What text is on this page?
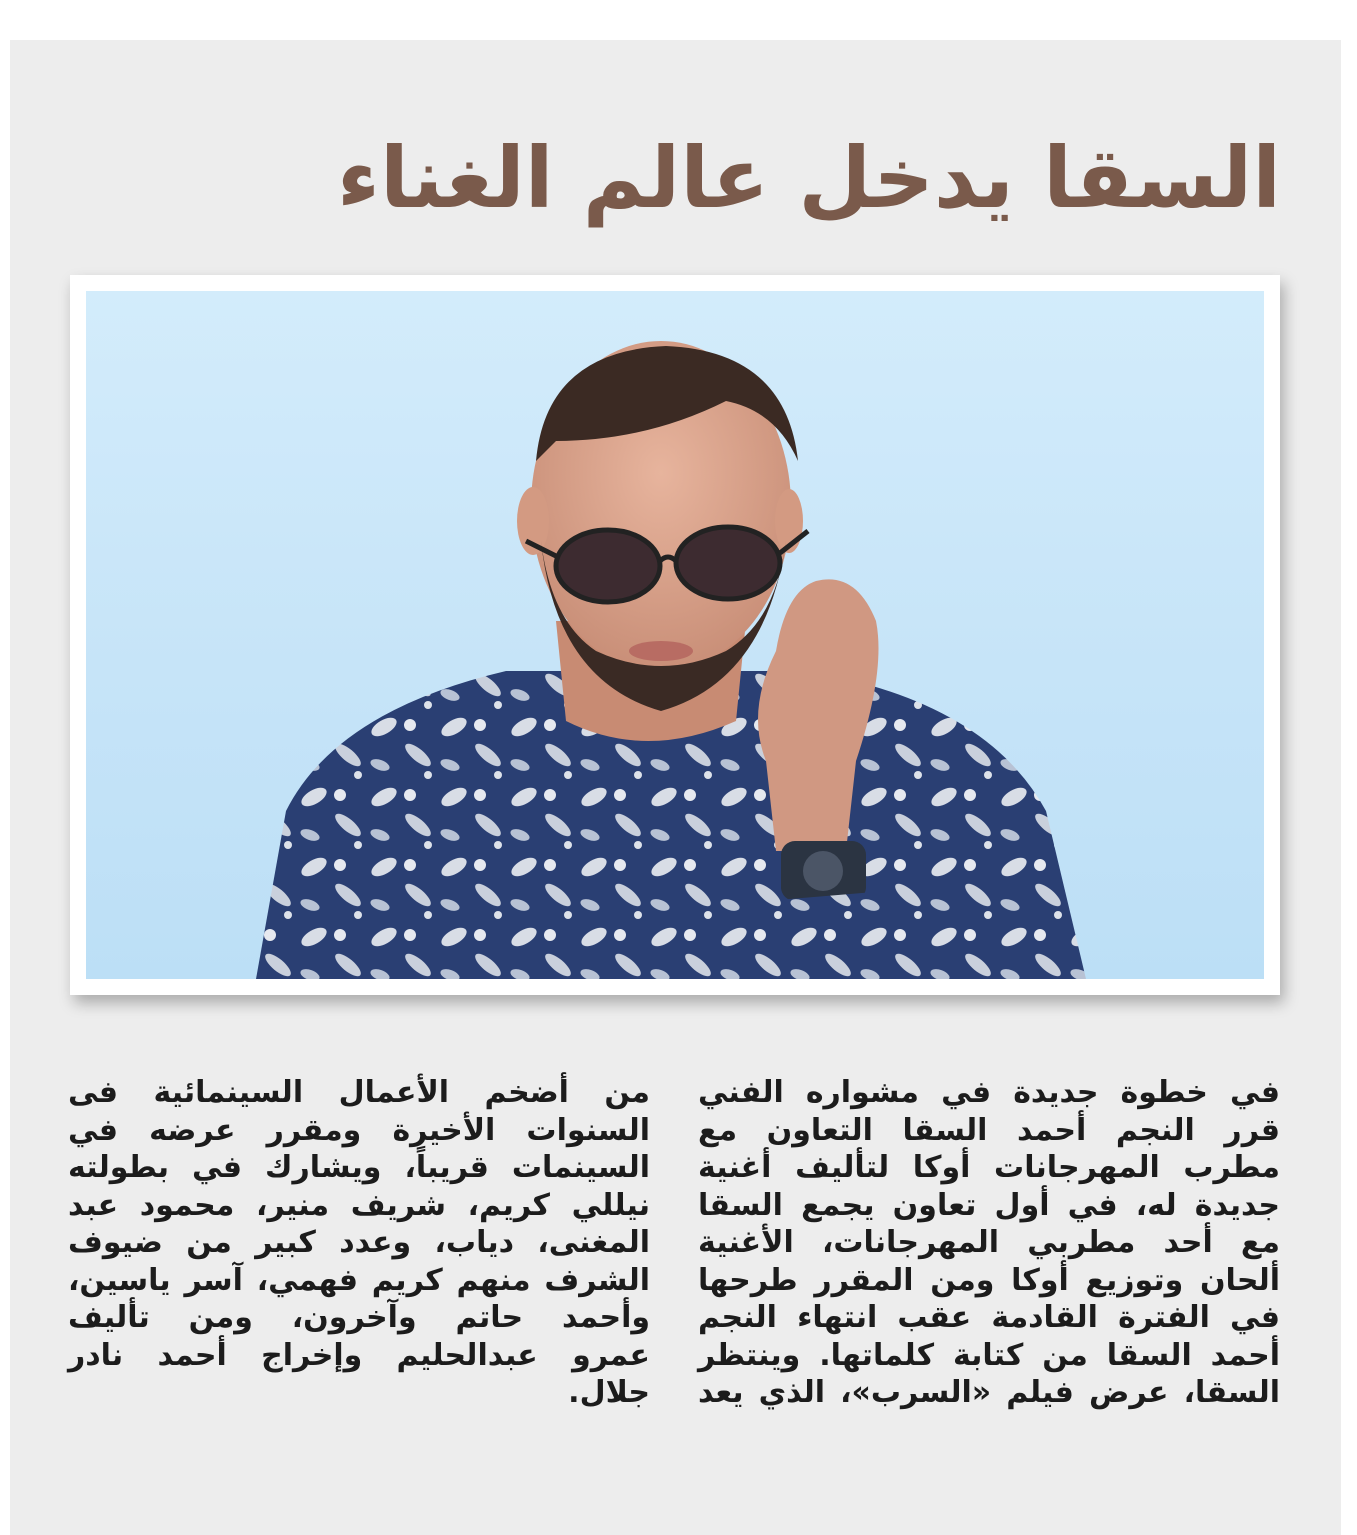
السقا يدخل عالم الغناء
في خطوة جديدة في مشواره الفني
قرر النجم أحمد السقا التعاون مع
مطرب المهرجانات أوكا لتأليف أغنية
جديدة له، في أول تعاون يجمع السقا
مع أحد مطربي المهرجانات، الأغنية
ألحان وتوزيع أوكا ومن المقرر طرحها
في الفترة القادمة عقب انتهاء النجم
أحمد السقا من كتابة كلماتها. وينتظر
السقا، عرض فيلم «السرب»، الذي يعد
من أضخم الأعمال السينمائية فى
السنوات الأخيرة ومقرر عرضه في
السينمات قريباً، ويشارك في بطولته
نيللي كريم، شريف منير، محمود عبد
المغنى، دياب، وعدد كبير من ضيوف
الشرف منهم كريم فهمي، آسر ياسين،
وأحمد حاتم وآخرون، ومن تأليف
عمرو عبدالحليم وإخراج أحمد نادر
جلال.
